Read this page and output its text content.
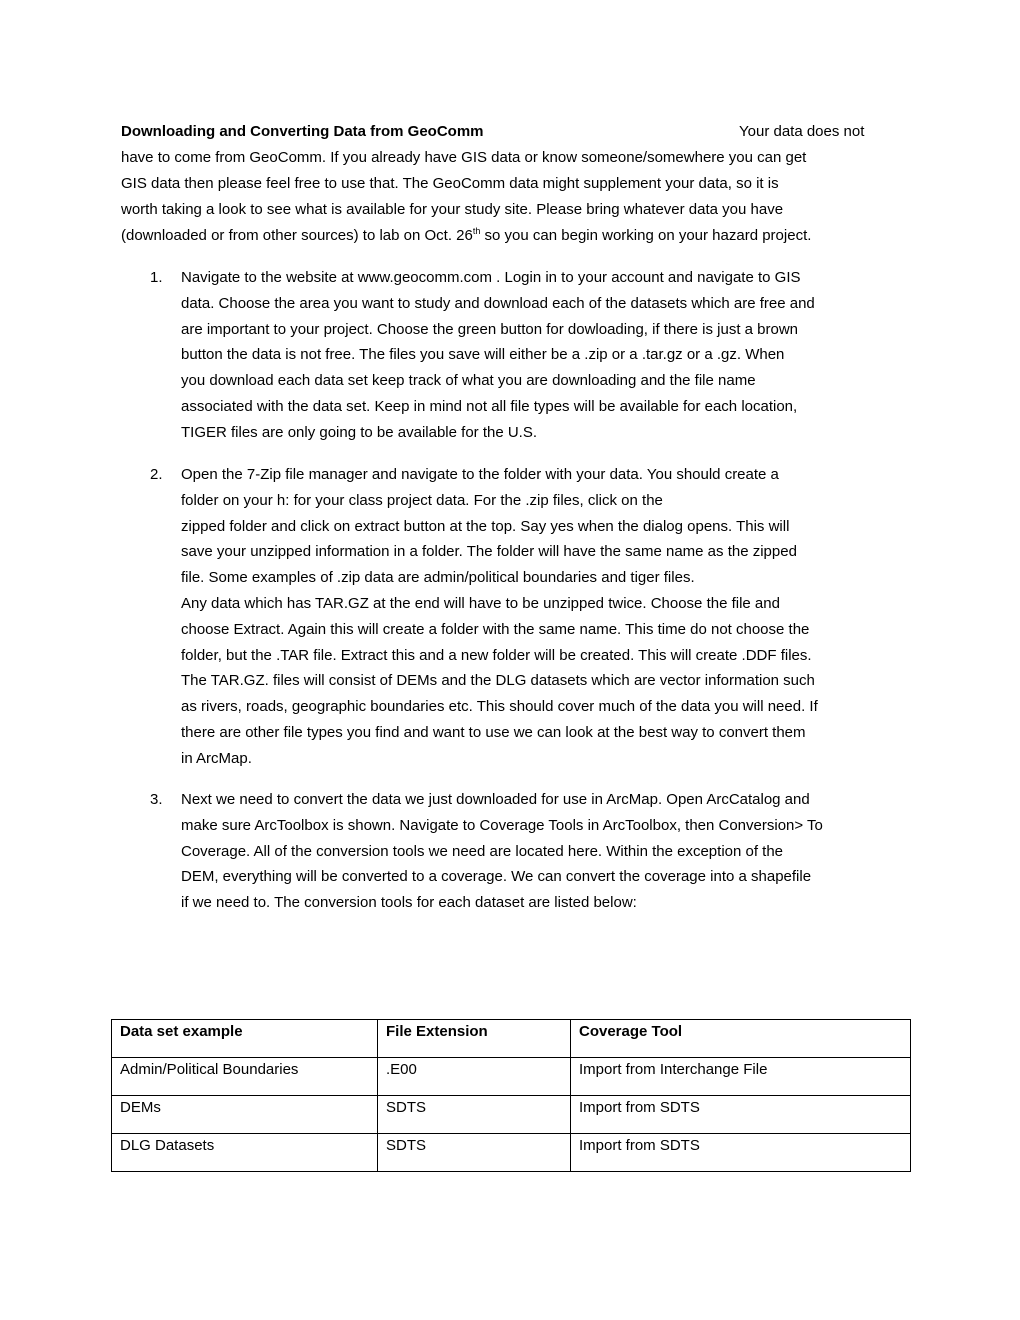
Downloading and Converting Data from GeoComm	Your data does not
have to come from GeoComm. If you already have GIS data or know someone/somewhere you can get
GIS data then please feel free to use that. The GeoComm data might supplement your data, so it is
worth taking a look to see what is available for your study site. Please bring whatever data you have
(downloaded or from other sources) to lab on Oct. 26th so you can begin working on your hazard project.
1. Navigate to the website at www.geocomm.com . Login in to your account and navigate to GIS
data. Choose the area you want to study and download each of the datasets which are free and
are important to your project. Choose the green button for dowloading, if there is just a brown
button the data is not free. The files you save will either be a .zip or a .tar.gz or a .gz. When
you download each data set keep track of what you are downloading and the file name
associated with the data set. Keep in mind not all file types will be available for each location,
TIGER files are only going to be available for the U.S.
2. Open the 7-Zip file manager and navigate to the folder with your data. You should create a
folder on your h: for your class project data. For the .zip files, click on the
zipped folder and click on extract button at the top. Say yes when the dialog opens. This will
save your unzipped information in a folder. The folder will have the same name as the zipped
file. Some examples of .zip data are admin/political boundaries and tiger files.
Any data which has TAR.GZ at the end will have to be unzipped twice. Choose the file and
choose Extract. Again this will create a folder with the same name. This time do not choose the
folder, but the .TAR file. Extract this and a new folder will be created. This will create .DDF files.
The TAR.GZ. files will consist of DEMs and the DLG datasets which are vector information such
as rivers, roads, geographic boundaries etc. This should cover much of the data you will need. If
there are other file types you find and want to use we can look at the best way to convert them
in ArcMap.
3. Next we need to convert the data we just downloaded for use in ArcMap. Open ArcCatalog and
make sure ArcToolbox is shown. Navigate to Coverage Tools in ArcToolbox, then Conversion> To
Coverage. All of the conversion tools we need are located here. Within the exception of the
DEM, everything will be converted to a coverage. We can convert the coverage into a shapefile
if we need to. The conversion tools for each dataset are listed below:
Data set example	File Extension	Coverage Tool
Admin/Political Boundaries	.E00	Import from Interchange File
DEMs	SDTS	Import from SDTS
DLG Datasets	SDTS	Import from SDTS
